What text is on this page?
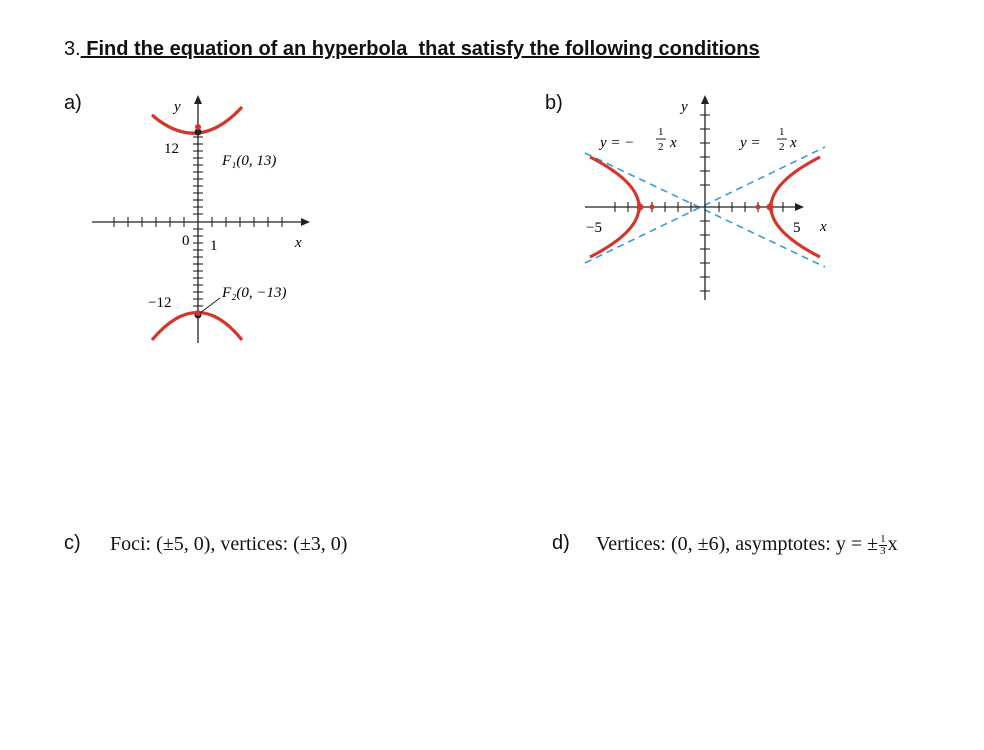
3. Find the equation of an hyperbola  that satisfy the following conditions
a)	y
x
12
−12
0 1
F₁(0, 13)
F₂(0, −13)
b)	y
x
−5	5
y = −
1
2 x	y =
1
2 x
c) Foci: (±5, 0), vertices: (±3, 0)	d) Vertices: (0, ±6), asymptotes: y = ± $\frac{1}{3}$ x
